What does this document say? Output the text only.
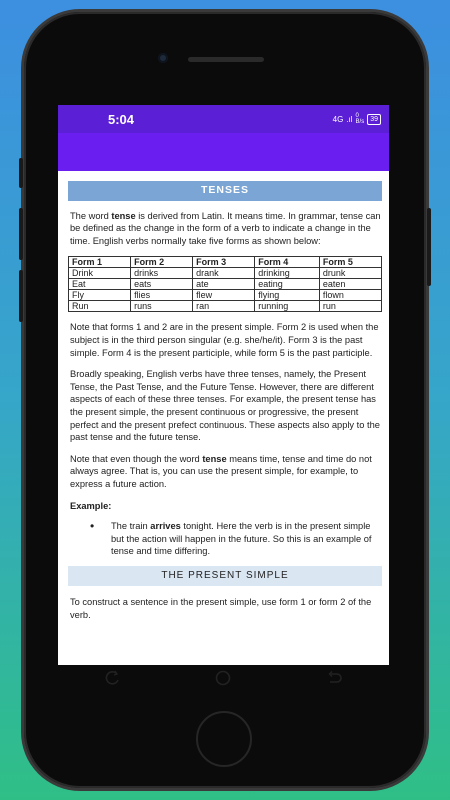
5:04	4G .ıl 0
B/s 39
TENSES

The word tense is derived from Latin. It means time. In grammar, tense can be defined as the change in the form of a verb to indicate a change in the time. English verbs normally take five forms as shown below:

Form 1	Form 2	Form 3	Form 4	Form 5
Drink	drinks	drank	drinking	drunk
Eat	eats	ate	eating	eaten
Fly	flies	flew	flying	flown
Run	runs	ran	running	run

Note that forms 1 and 2 are in the present simple. Form 2 is used when the subject is in the third person singular (e.g. she/he/it). Form 3 is the past simple. Form 4 is the present participle, while form 5 is the past participle.

Broadly speaking, English verbs have three tenses, namely, the Present Tense, the Past Tense, and the Future Tense. However, there are different aspects of each of these three tenses. For example, the present tense has the present simple, the present continuous or progressive, the present perfect and the present prefect continuous. These aspects also apply to the past tense and the future tense.

Note that even though the word tense means time, tense and time do not always agree. That is, you can use the present simple, for example, to express a future action.

Example:
•	The train arrives tonight. Here the verb is in the present simple but the action will happen in the future. So this is an example of tense and time differing.
THE PRESENT SIMPLE

To construct a sentence in the present simple, use form 1 or form 2 of the verb.
